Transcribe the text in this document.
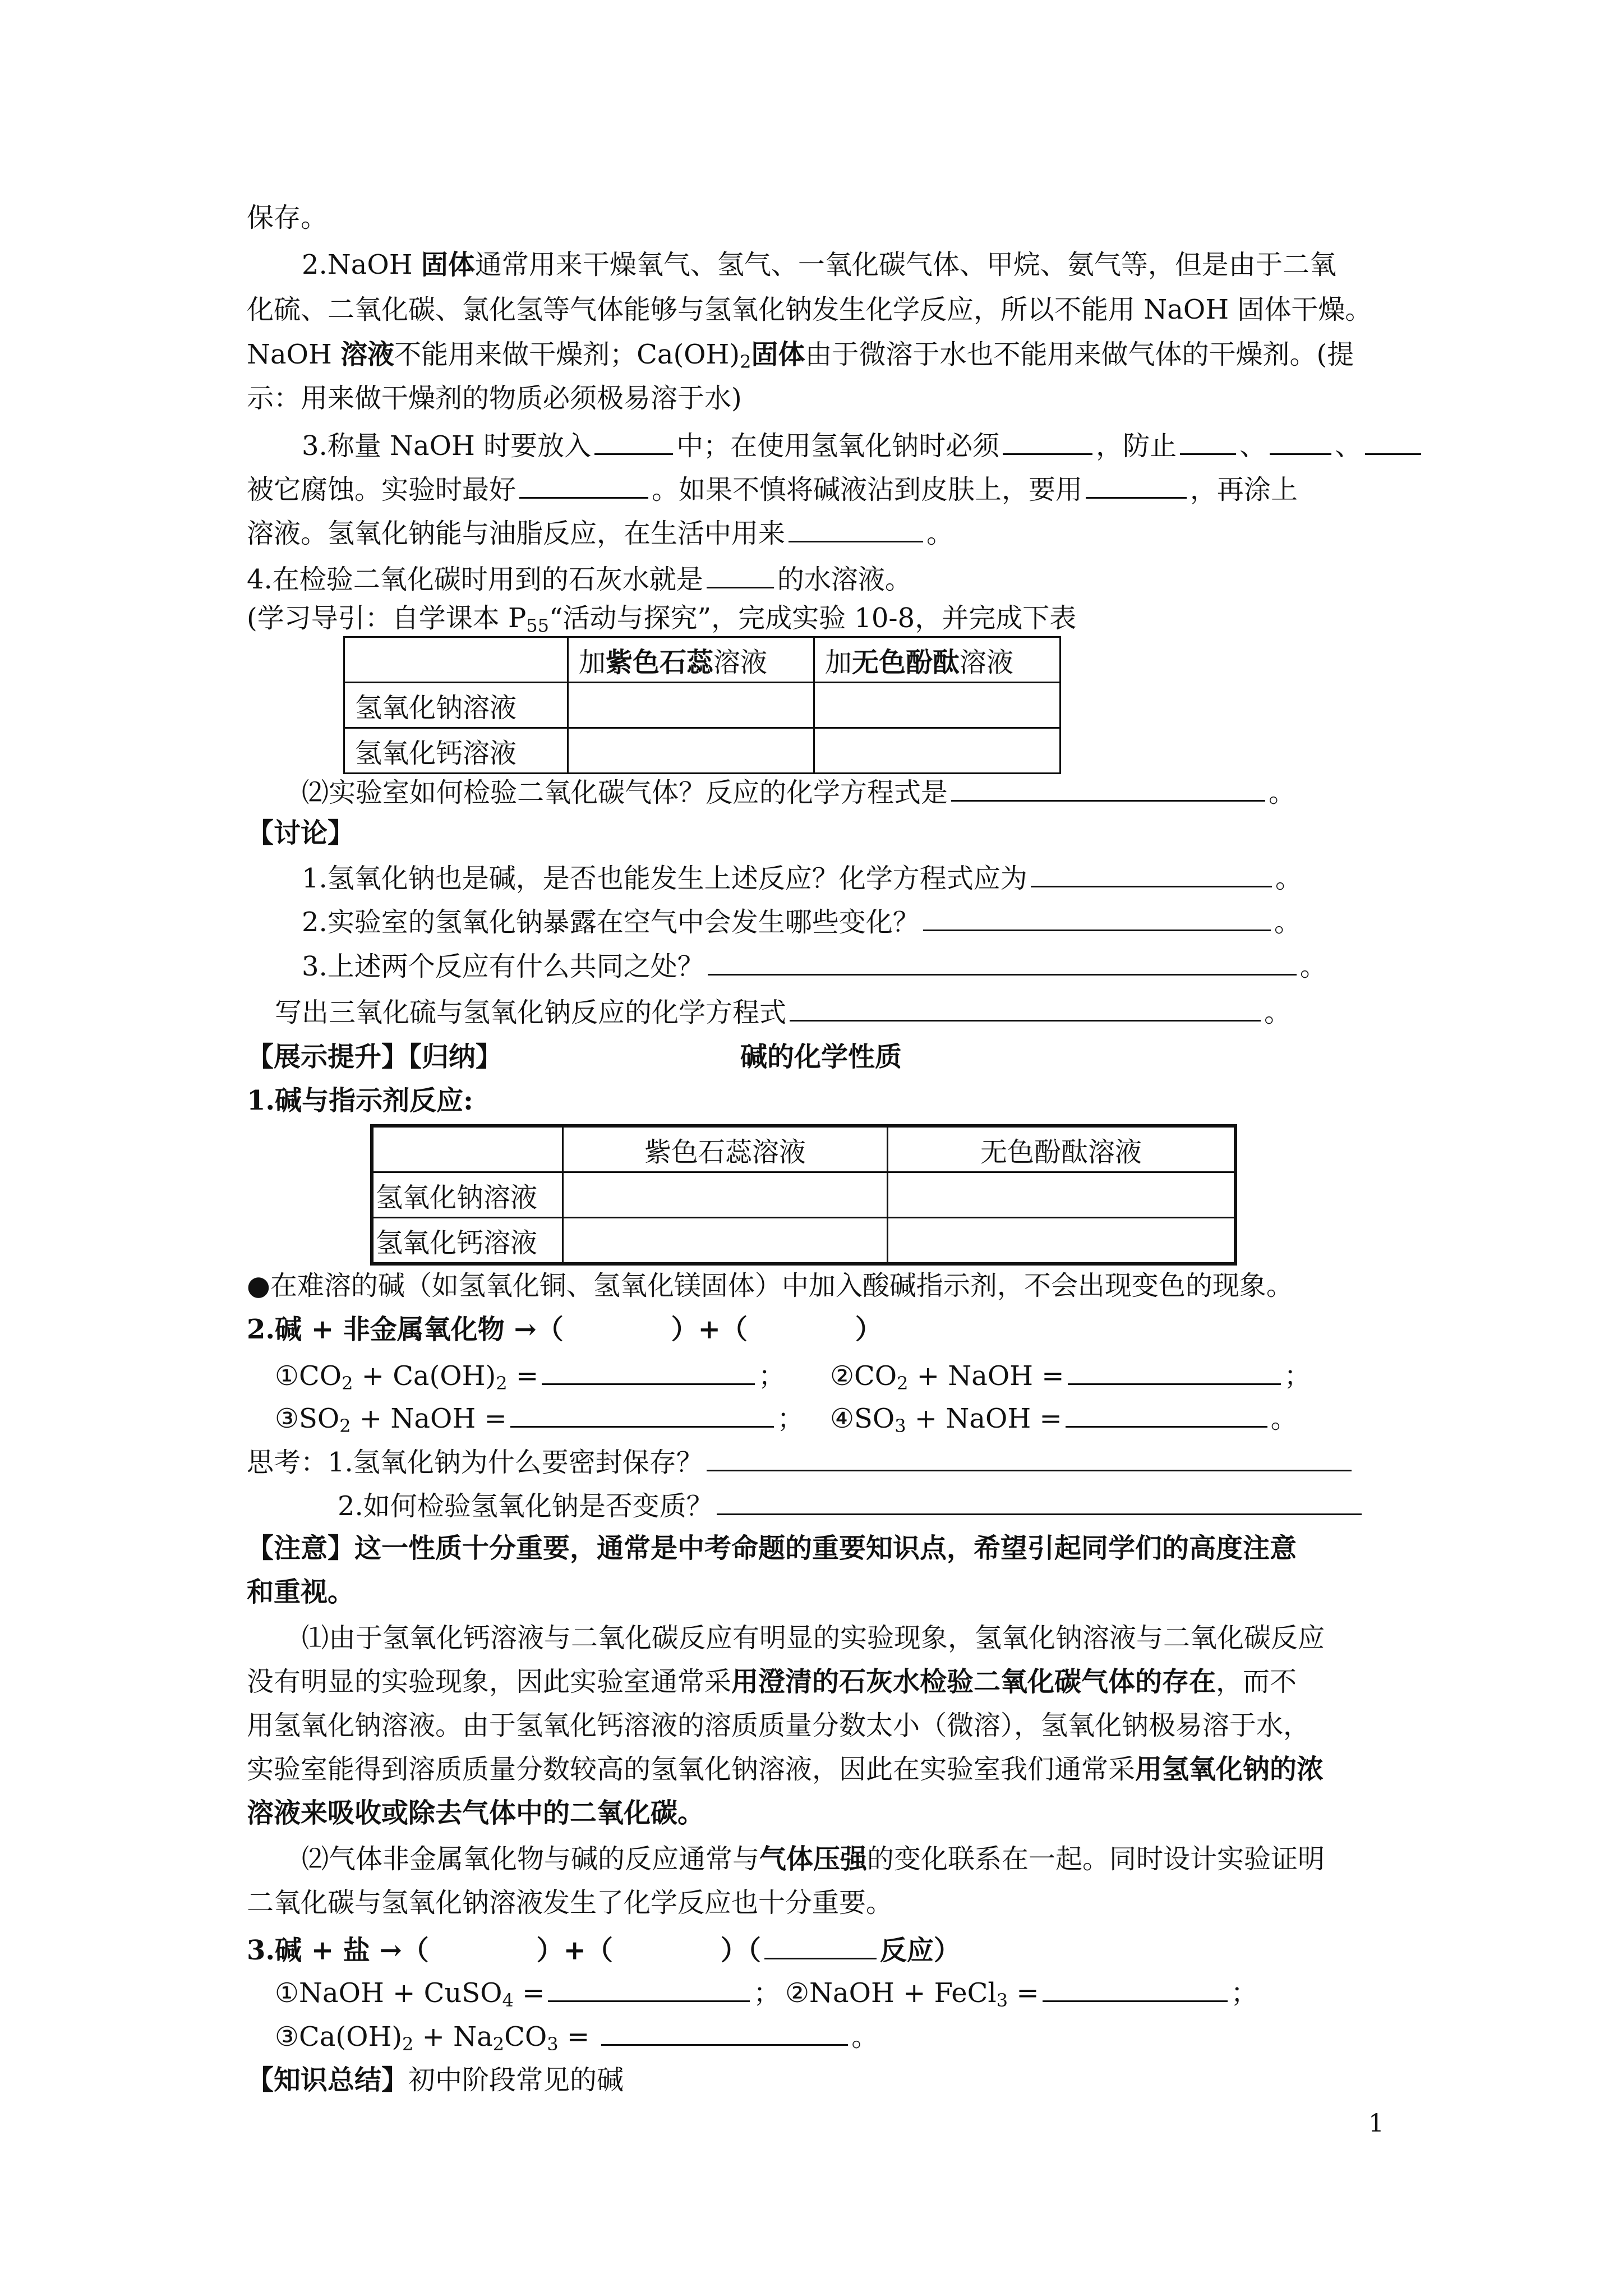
保存。
2.NaOH 固体通常用来干燥氧气、氢气、一氧化碳气体、甲烷、氨气等，但是由于二氧
化硫、二氧化碳、氯化氢等气体能够与氢氧化钠发生化学反应，所以不能用 NaOH 固体干燥。
NaOH 溶液不能用来做干燥剂；$Ca(OH)_2$固体由于微溶于水也不能用来做气体的干燥剂。(提
示：用来做干燥剂的物质必须极易溶于水)
3.称量 NaOH 时要放入	中；在使用氢氧化钠时必须	，防止 、	、
被它腐蚀。实验时最好	。如果不慎将碱液沾到皮肤上，要用	，再涂上
溶液。氢氧化钠能与油脂反应，在生活中用来	。
4.在检验二氧化碳时用到的石灰水就是	的水溶液。
(学习导引：自学课本 $P_{55}“$活动与探究”，完成实验 10-8，并完成下表
	加紫色石蕊溶液	加无色酚酞溶液
氢氧化钠溶液		
氢氧化钙溶液		
⑵实验室如何检验二氧化碳气体？反应的化学方程式是	。
【讨论】
1.氢氧化钠也是碱，是否也能发生上述反应？化学方程式应为	。
2.实验室的氢氧化钠暴露在空气中会发生哪些变化？	。
3.上述两个反应有什么共同之处？	。
写出三氧化硫与氢氧化钠反应的化学方程式	。
【展示提升】【归纳】	碱的化学性质
1.碱与指示剂反应:
	紫色石蕊溶液	无色酚酞溶液
氢氧化钠溶液		
氢氧化钙溶液		
●在难溶的碱（如氢氧化铜、氢氧化镁固体）中加入酸碱指示剂，不会出现变色的现象。
2.碱 + 非金属氧化物 →（　　　　）+（　　　　）
$①CO_2 + Ca(OH)_2$ =	； $②CO_2$ + NaOH =	；
$③SO_2$ + NaOH =	； $④SO_3$ + NaOH =	。
思考：1.氢氧化钠为什么要密封保存？
2.如何检验氢氧化钠是否变质？
【注意】这一性质十分重要，通常是中考命题的重要知识点，希望引起同学们的高度注意
和重视。
⑴由于氢氧化钙溶液与二氧化碳反应有明显的实验现象，氢氧化钠溶液与二氧化碳反应
没有明显的实验现象，因此实验室通常采用澄清的石灰水检验二氧化碳气体的存在，而不
用氢氧化钠溶液。由于氢氧化钙溶液的溶质质量分数太小（微溶），氢氧化钠极易溶于水，
实验室能得到溶质质量分数较高的氢氧化钠溶液，因此在实验室我们通常采用氢氧化钠的浓
溶液来吸收或除去气体中的二氧化碳。
⑵气体非金属氧化物与碱的反应通常与气体压强的变化联系在一起。同时设计实验证明
二氧化碳与氢氧化钠溶液发生了化学反应也十分重要。
3.碱 + 盐 →（　　　　）+（　　　　）（	反应）
①NaOH + CuSO$_4$ =	； ②NaOH + FeCl$_3$ =	；
$③Ca(OH)_2 + Na_2CO_3$ =	。
【知识总结】初中阶段常见的碱
1
